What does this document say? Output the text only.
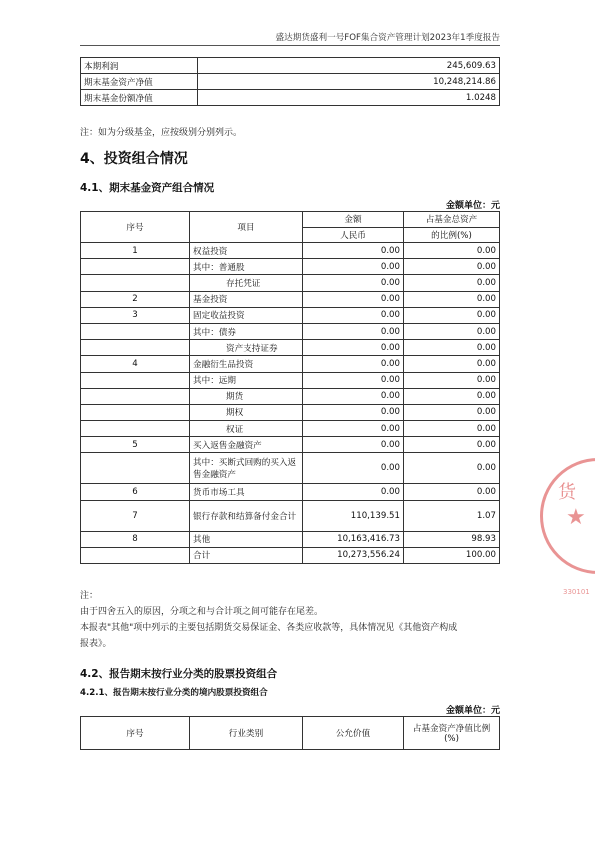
盛达期货盛利一号FOF集合资产管理计划2023年1季度报告
本期利润	245,609.63
期末基金资产净值	10,248,214.86
期末基金份额净值	1.0248
注：如为分级基金，应按级别分别列示。
4、投资组合情况
4.1、期末基金资产组合情况
金额单位：元
序号	项目	金额	占基金总资产
		人民币	的比例(%)
1	权益投资	0.00	0.00
	其中：普通股	0.00	0.00
	存托凭证	0.00	0.00
2	基金投资	0.00	0.00
3	固定收益投资	0.00	0.00
	其中：债券	0.00	0.00
	资产支持证券	0.00	0.00
4	金融衍生品投资	0.00	0.00
	其中：远期	0.00	0.00
	期货	0.00	0.00
	期权	0.00	0.00
	权证	0.00	0.00
5	买入返售金融资产	0.00	0.00
	其中：买断式回购的买入返售金融资产	0.00	0.00
6	货币市场工具	0.00	0.00
7	银行存款和结算备付金合计	110,139.51	1.07
8	其他	10,163,416.73	98.93
	合计	10,273,556.24	100.00
注：
由于四舍五入的原因，分项之和与合计项之间可能存在尾差。
本报表"其他"项中列示的主要包括期货交易保证金、各类应收款等，具体情况见《其他资产构成
报表》。
4.2、报告期末按行业分类的股票投资组合
4.2.1、报告期末按行业分类的境内股票投资组合
金额单位：元
序号	行业类别	公允价值	占基金资产净值比例
(%)
货
★
330101
